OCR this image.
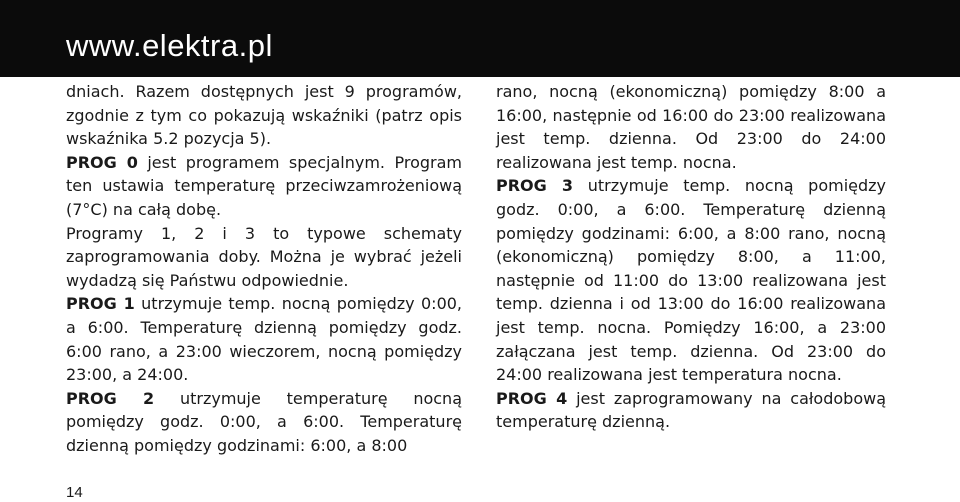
www.elektra.pl

dniach. Razem dostępnych jest 9 programów, zgodnie z tym co pokazują wskaźniki (patrz opis wskaźnika 5.2 pozycja 5).

PROG 0 jest programem specjalnym. Program ten ustawia temperaturę przeciwzamrożeniową (7°C) na całą dobę.

Programy 1, 2 i 3 to typowe schematy zaprogramowania doby. Można je wybrać jeżeli wydadzą się Państwu odpowiednie.

PROG 1 utrzymuje temp. nocną pomiędzy 0:00, a 6:00. Temperaturę dzienną pomiędzy godz. 6:00 rano, a 23:00 wieczorem, nocną pomiędzy 23:00, a 24:00.

PROG 2 utrzymuje temperaturę nocną pomiędzy godz. 0:00, a 6:00. Temperaturę dzienną pomiędzy godzinami: 6:00, a 8:00

rano, nocną (ekonomiczną) pomiędzy 8:00 a 16:00, następnie od 16:00 do 23:00 realizowana jest temp. dzienna. Od 23:00 do 24:00 realizowana jest temp. nocna.

PROG 3 utrzymuje temp. nocną pomiędzy godz. 0:00, a 6:00. Temperaturę dzienną pomiędzy godzinami: 6:00, a 8:00 rano, nocną (ekonomiczną) pomiędzy 8:00, a 11:00, następnie od 11:00 do 13:00 realizowana jest temp. dzienna i od 13:00 do 16:00 realizowana jest temp. nocna. Pomiędzy 16:00, a 23:00 załączana jest temp. dzienna. Od 23:00 do 24:00 realizowana jest temperatura nocna.

PROG 4 jest zaprogramowany na całodobową temperaturę dzienną.

14
